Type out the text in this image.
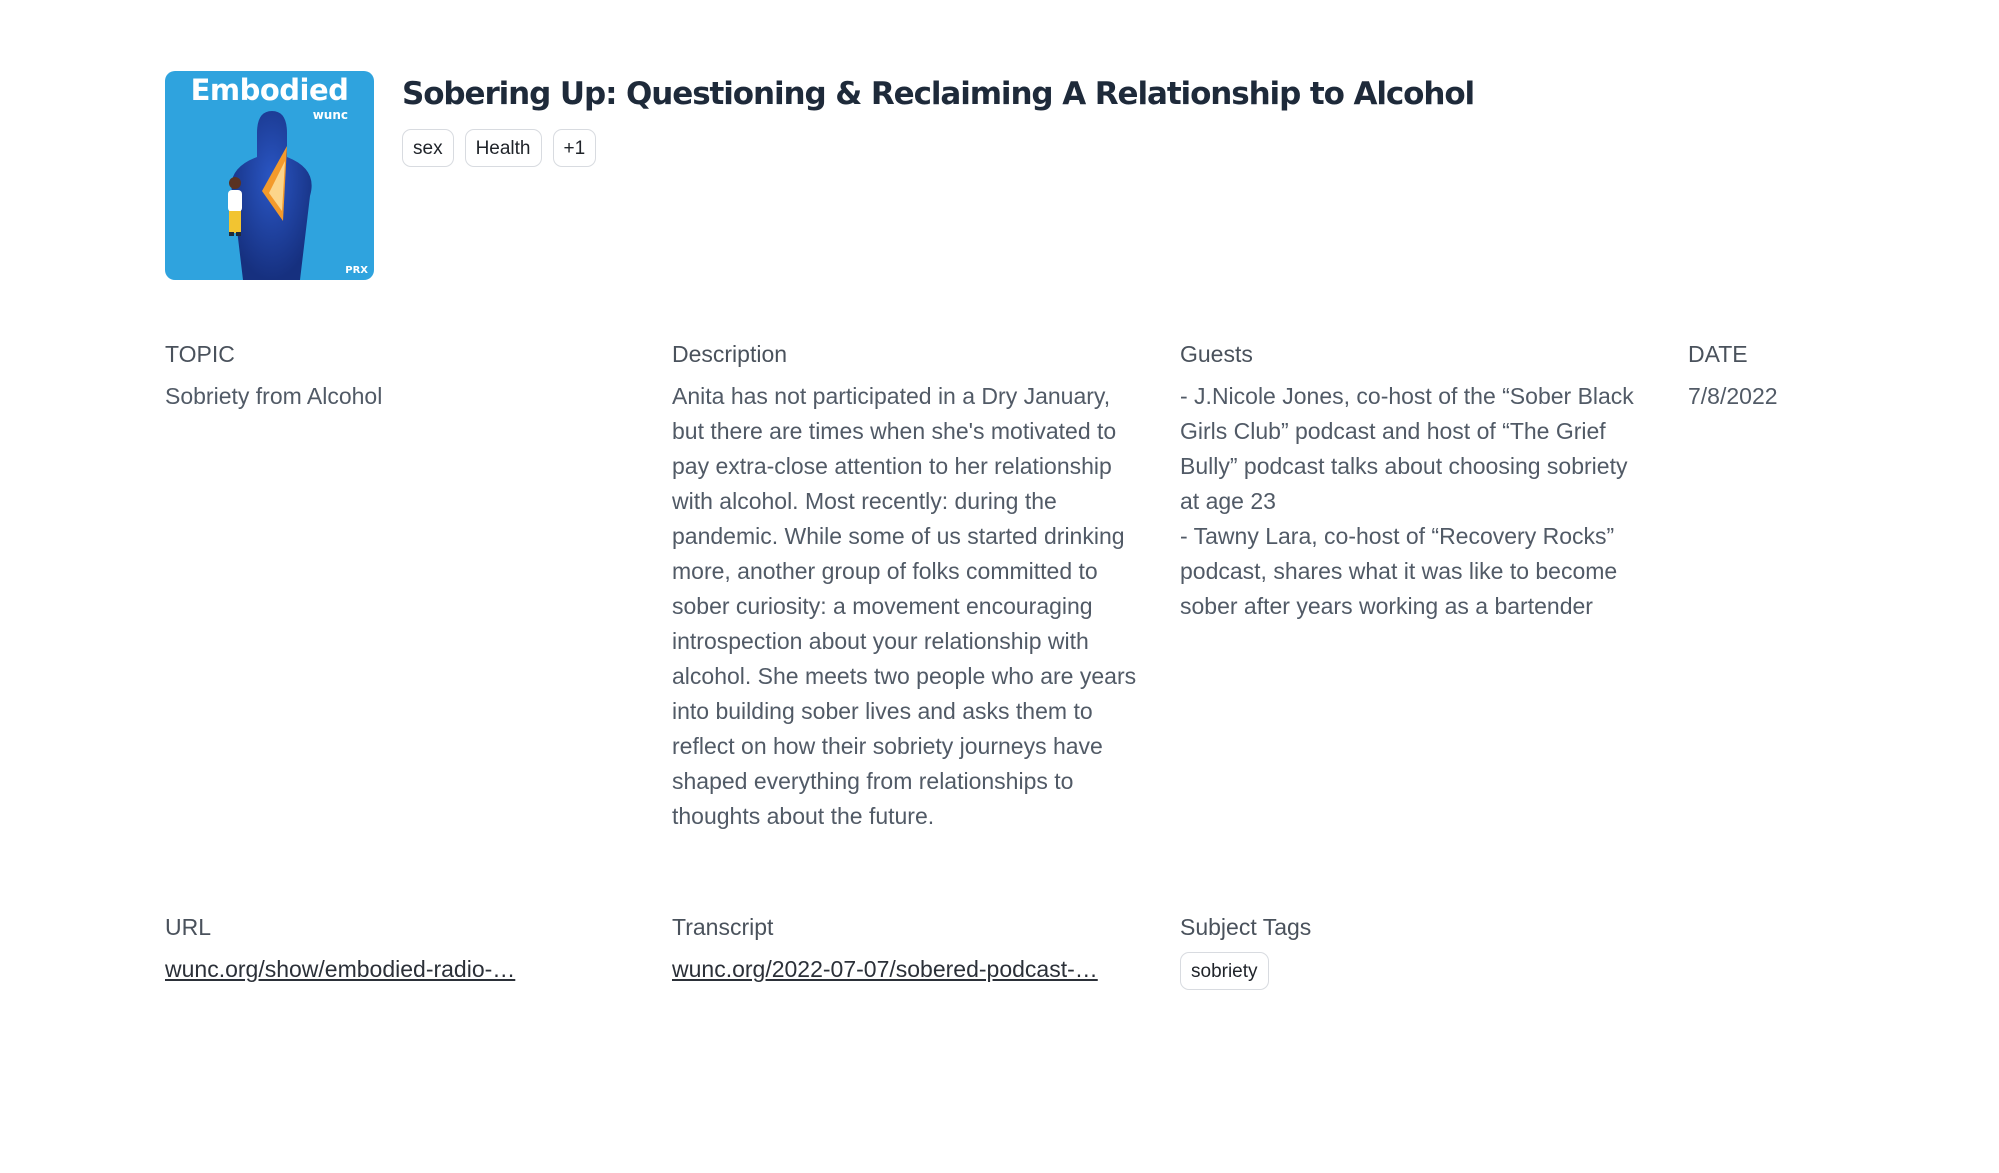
Embodied
wunc
PRX
Sobering Up: Questioning & Reclaiming A Relationship to Alcohol
sex	Health	+1
TOPIC
Sobriety from Alcohol
Description
Anita has not participated in a Dry January, but there are times when she's motivated to pay extra-close attention to her relationship with alcohol. Most recently: during the pandemic. While some of us started drinking more, another group of folks committed to sober curiosity: a movement encouraging introspection about your relationship with alcohol. She meets two people who are years into building sober lives and asks them to reflect on how their sobriety journeys have shaped everything from relationships to thoughts about the future.
Guests
- J.Nicole Jones, co-host of the “Sober Black Girls Club” podcast and host of “The Grief Bully” podcast talks about choosing sobriety at age 23
- Tawny Lara, co-host of “Recovery Rocks” podcast, shares what it was like to become sober after years working as a bartender
DATE
7/8/2022
URL
wunc.org/show/embodied-radio-…
Transcript
wunc.org/2022-07-07/sobered-podcast-…
Subject Tags
sobriety
